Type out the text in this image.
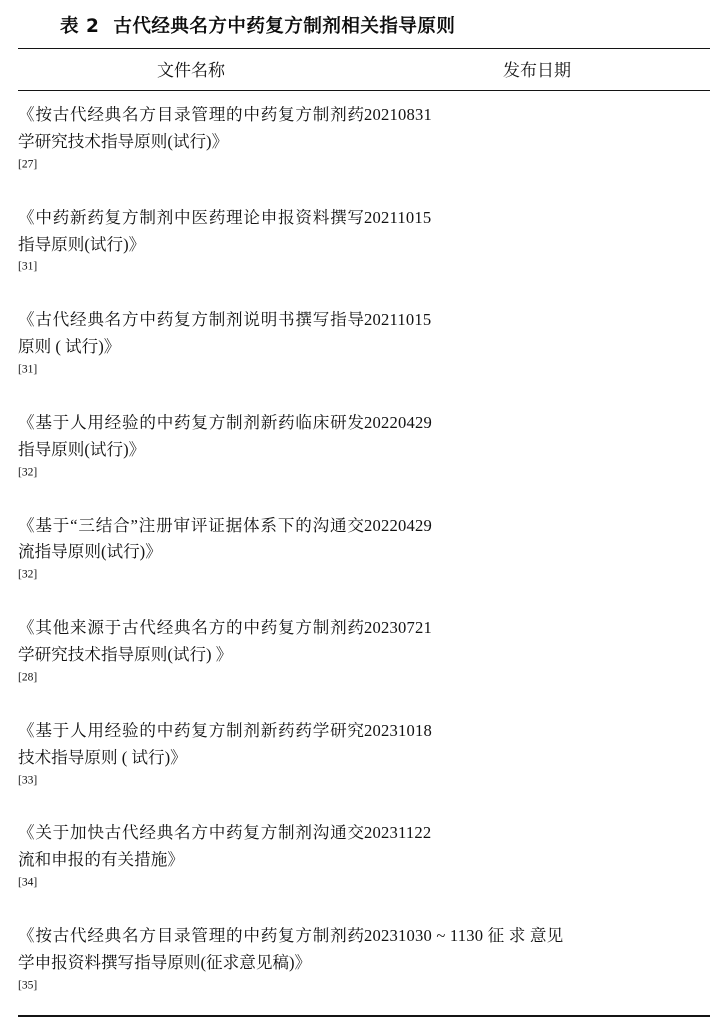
表 2 古代经典名方中药复方制剂相关指导原则
文件名称	发布日期

《按古代经典名方目录管理的中药复方制剂药学研究技术指导原则(试行)》
[27]	20210831

《中药新药复方制剂中医药理论申报资料撰写指导原则(试行)》
[31]	20211015

《古代经典名方中药复方制剂说明书撰写指导原则 ( 试行)》
[31]	20211015

《基于人用经验的中药复方制剂新药临床研发指导原则(试行)》
[32]	20220429

《基于“三结合”注册审评证据体系下的沟通交流指导原则(试行)》
[32]	20220429

《其他来源于古代经典名方的中药复方制剂药学研究技术指导原则(试行) 》
[28]	20230721

《基于人用经验的中药复方制剂新药药学研究技术指导原则 ( 试行)》
[33]	20231018

《关于加快古代经典名方中药复方制剂沟通交流和申报的有关措施》
[34]	20231122

《按古代经典名方目录管理的中药复方制剂药学申报资料撰写指导原则(征求意见稿)》
[35]	20231030 ~ 1130 征 求 意见
